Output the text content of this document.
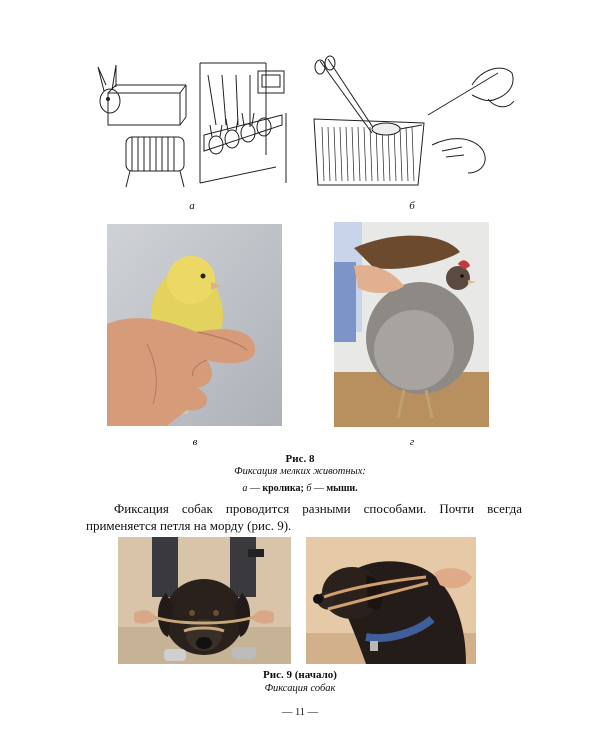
а	б
в	г
Рис. 8
Фиксация мелких животных:
а — кролика; б — мыши.
Фиксация собак проводится разными способами. Почти всегда применяется петля на морду (рис. 9).
Рис. 9 (начало)
Фиксация собак
— 11 —
